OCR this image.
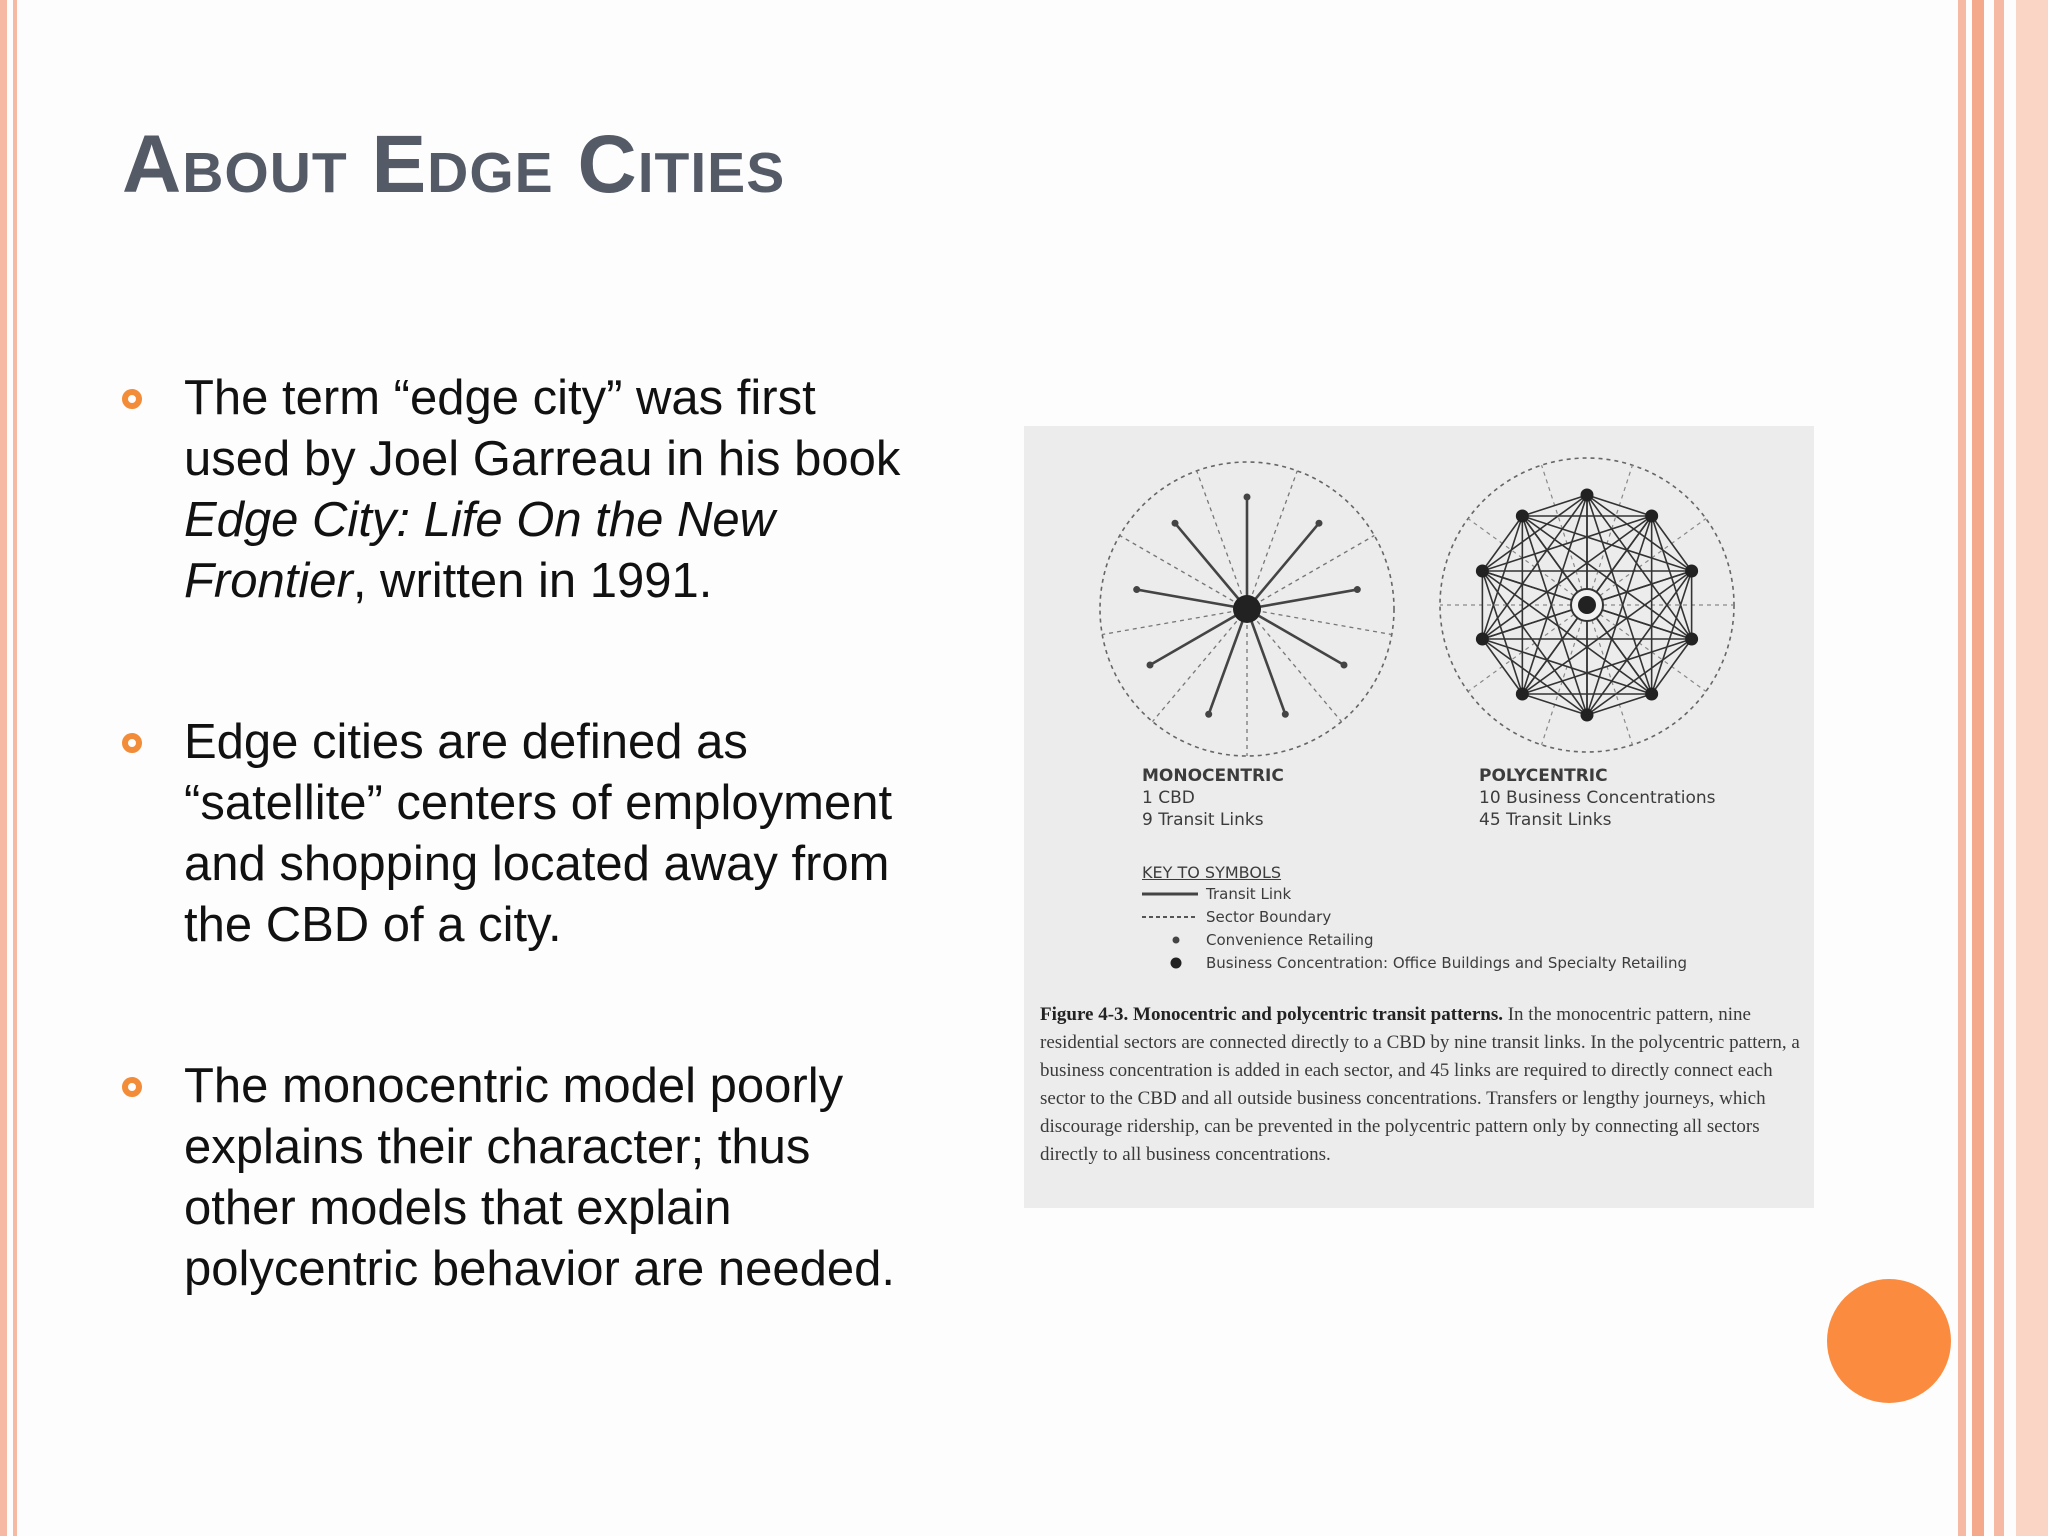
About Edge Cities
The term “edge city” was first used by Joel Garreau in his book Edge City: Life On the New Frontier, written in 1991.
Edge cities are defined as “satellite” centers of employment and shopping located away from the CBD of a city.
The monocentric model poorly explains their character; thus other models that explain polycentric behavior are needed.
MONOCENTRIC
1 CBD
9 Transit Links
POLYCENTRIC
10 Business Concentrations
45 Transit Links
KEY TO SYMBOLS
Transit Link
Sector Boundary
Convenience Retailing
Business Concentration: Office Buildings and Specialty Retailing
Figure 4-3. Monocentric and polycentric transit patterns. In the monocentric pattern, nine residential sectors are connected directly to a CBD by nine transit links. In the polycentric pattern, a business concentration is added in each sector, and 45 links are required to directly connect each sector to the CBD and all outside business concentrations. Transfers or lengthy journeys, which discourage ridership, can be prevented in the polycentric pattern only by connecting all sectors directly to all business concentrations.
